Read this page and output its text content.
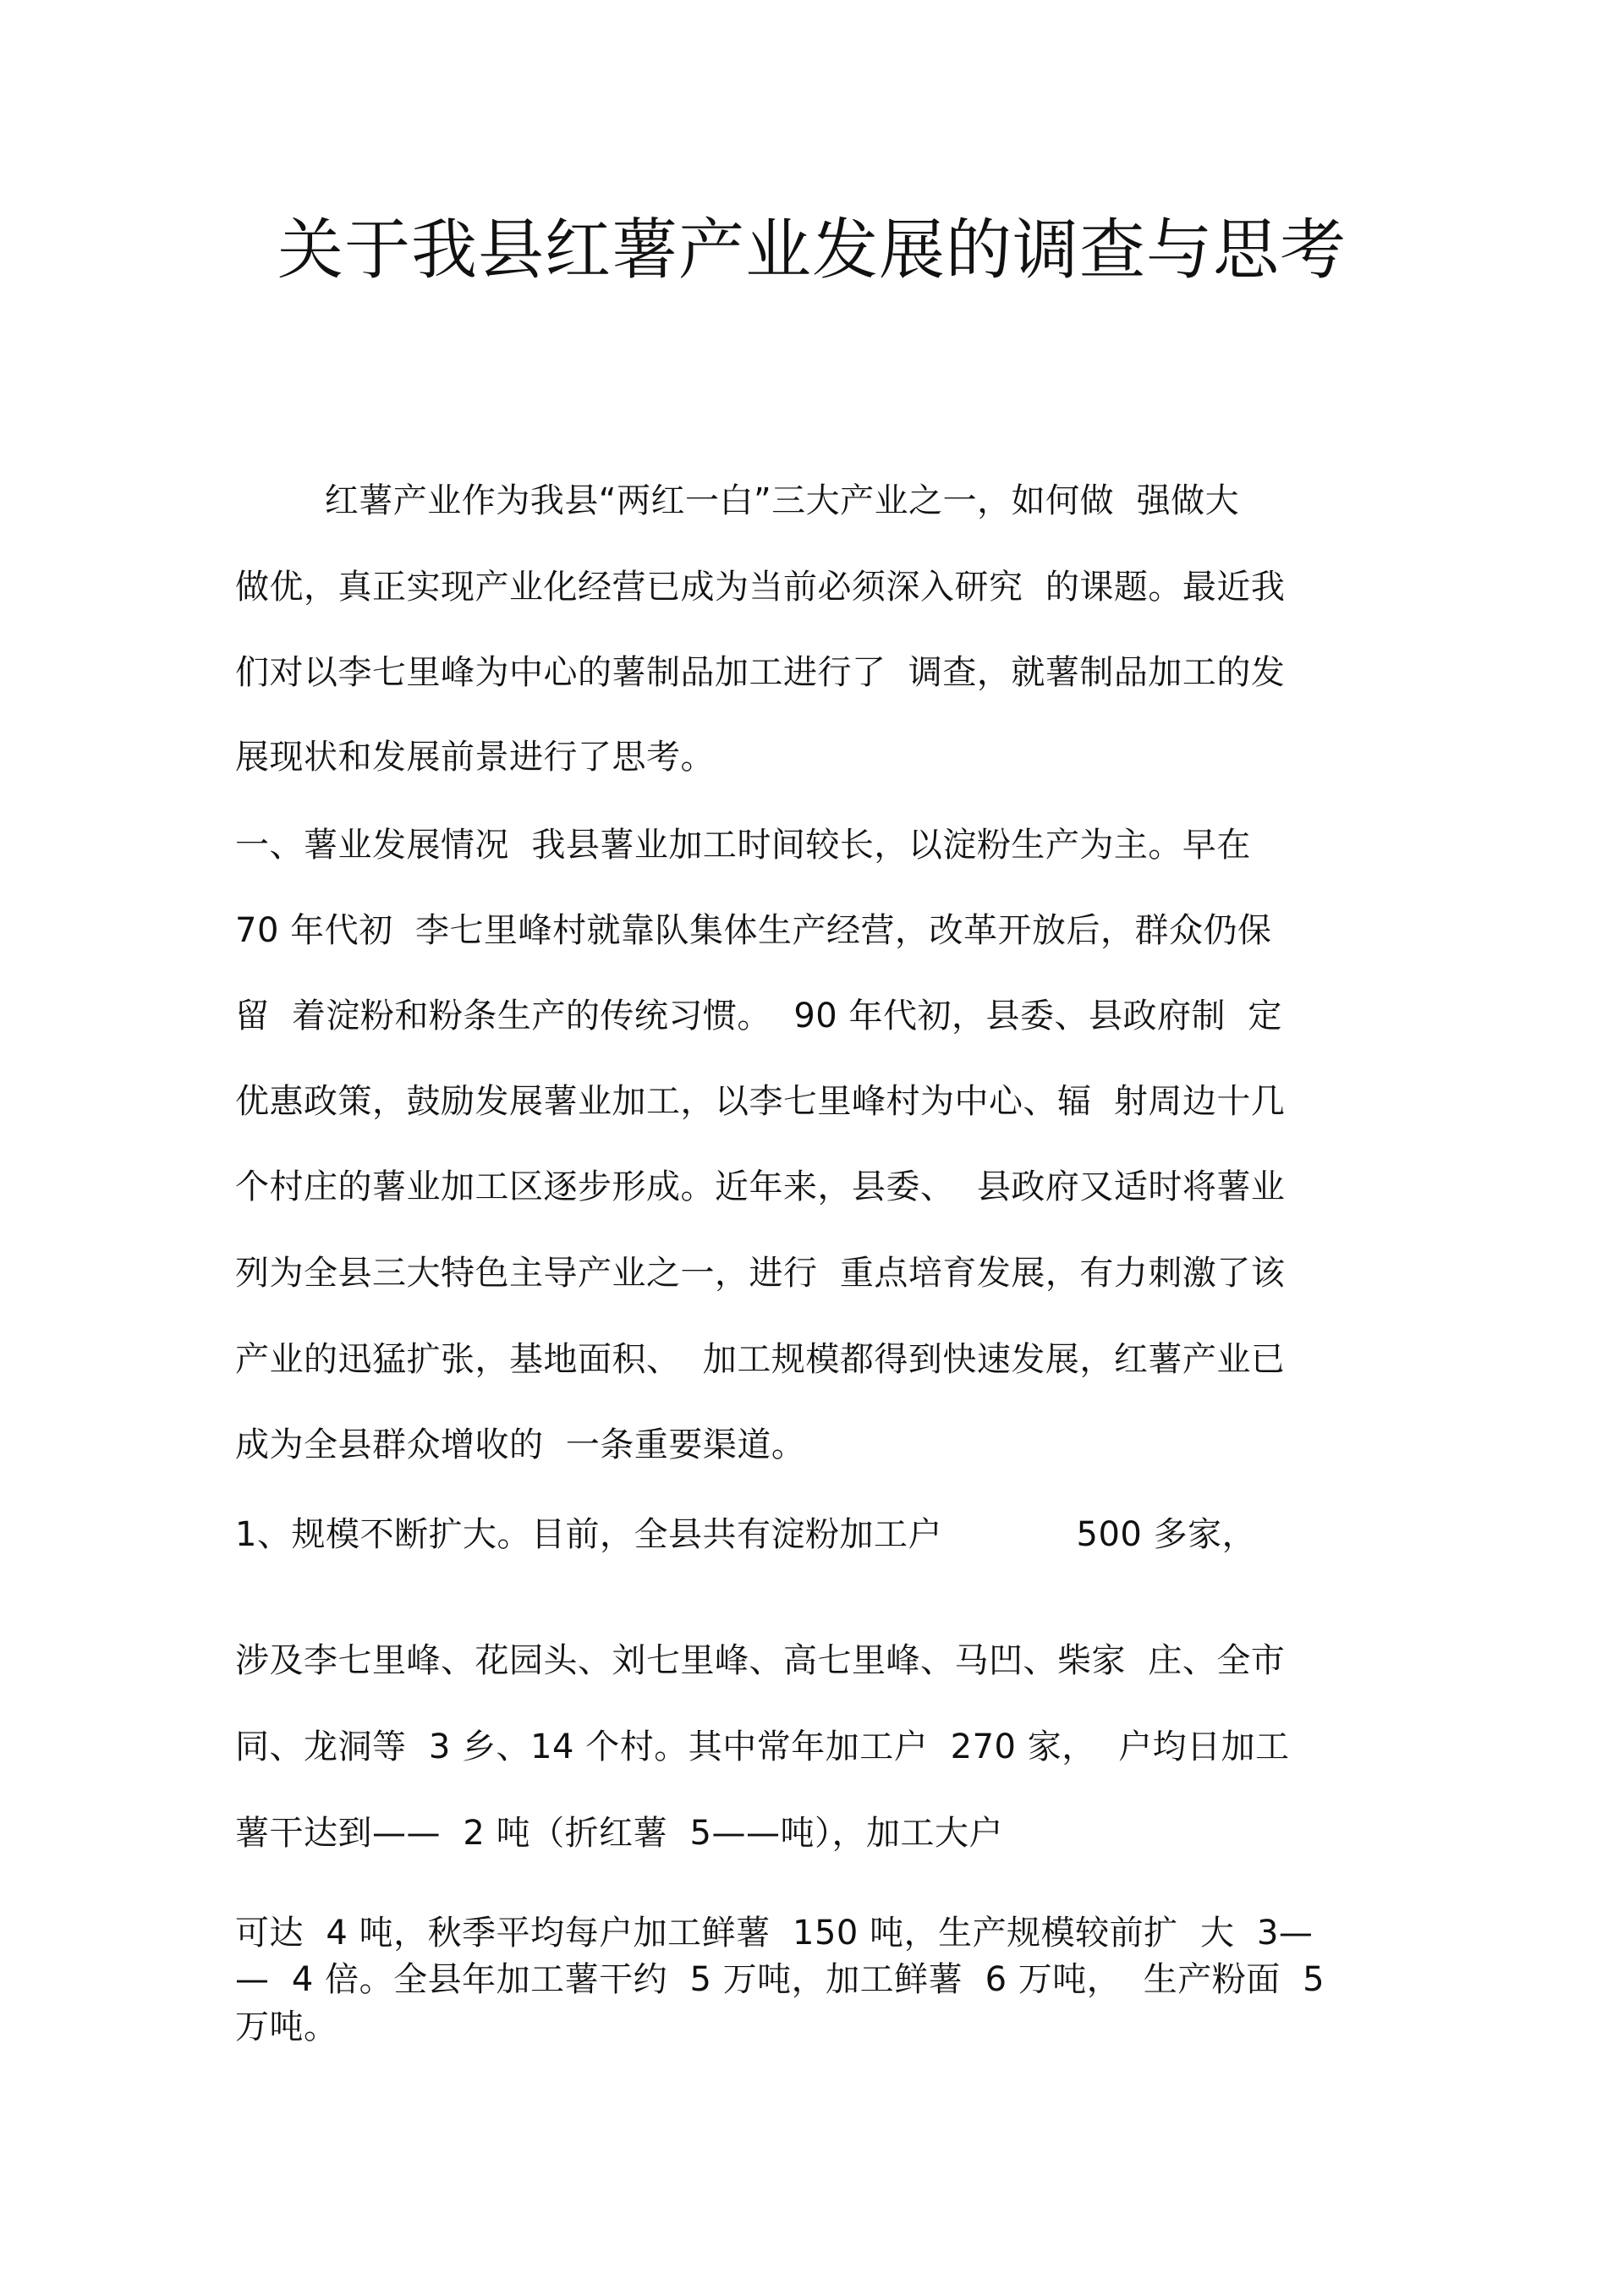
关于我县红薯产业发展的调查与思考

红薯产业作为我县“两红一白”三大产业之一，如何做  强做大

做优，真正实现产业化经营已成为当前必须深入研究  的课题。最近我

们对以李七里峰为中心的薯制品加工进行了  调查，就薯制品加工的发

展现状和发展前景进行了思考。

一、薯业发展情况  我县薯业加工时间较长，以淀粉生产为主。早在

70 年代初  李七里峰村就靠队集体生产经营，改革开放后，群众仍保

留  着淀粉和粉条生产的传统习惯。  90 年代初，县委、县政府制  定

优惠政策，鼓励发展薯业加工，以李七里峰村为中心、辐  射周边十几

个村庄的薯业加工区逐步形成。近年来，县委、  县政府又适时将薯业

列为全县三大特色主导产业之一，进行  重点培育发展，有力刺激了该

产业的迅猛扩张，基地面积、  加工规模都得到快速发展，红薯产业已

成为全县群众增收的  一条重要渠道。

1、规模不断扩大。目前，全县共有淀粉加工户            500 多家，

涉及李七里峰、花园头、刘七里峰、高七里峰、马凹、柴家  庄、全市

同、龙洞等  3 乡、14 个村。其中常年加工户  270 家，  户均日加工

薯干达到——  2 吨（折红薯  5——吨），加工大户

可达  4 吨，秋季平均每户加工鲜薯  150 吨，生产规模较前扩  大  3—

—  4 倍。全县年加工薯干约  5 万吨，加工鲜薯  6 万吨，  生产粉面  5

万吨。
